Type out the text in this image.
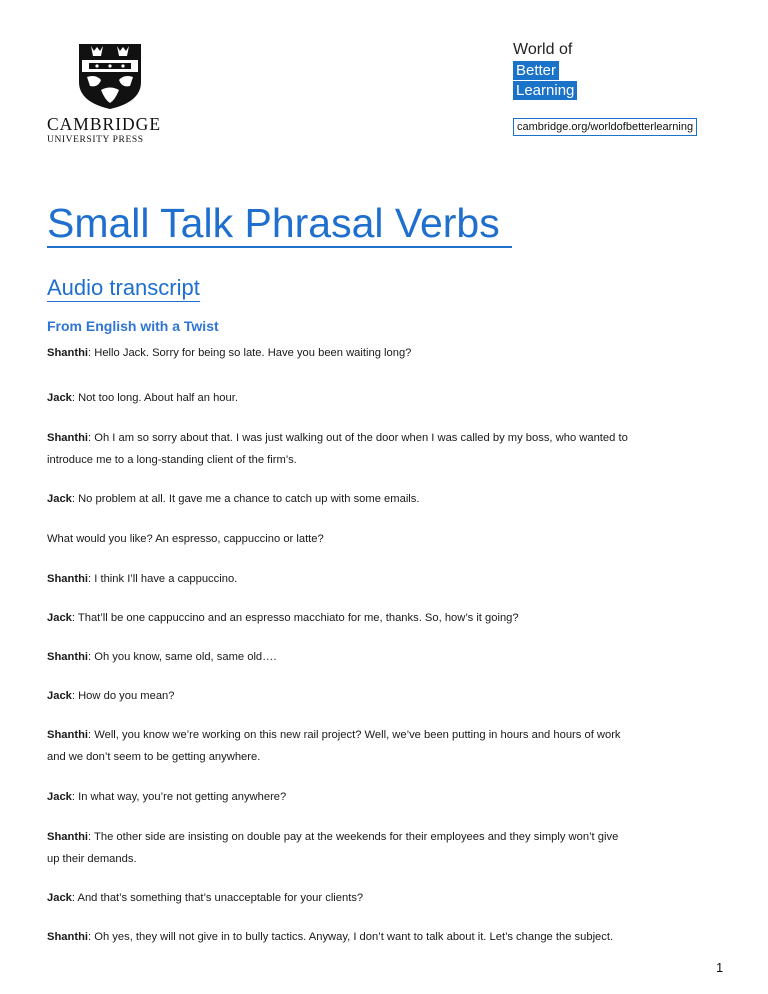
CAMBRIDGE
UNIVERSITY PRESS
World of
Better
Learning
cambridge.org/worldofbetterlearning
Small Talk Phrasal Verbs
Audio transcript
From English with a Twist
Shanthi: Hello Jack. Sorry for being so late. Have you been waiting long?
Jack: Not too long. About half an hour.
Shanthi: Oh I am so sorry about that. I was just walking out of the door when I was called by my boss, who wanted to
introduce me to a long-standing client of the firm’s.
Jack: No problem at all. It gave me a chance to catch up with some emails.
What would you like? An espresso, cappuccino or latte?
Shanthi: I think I’ll have a cappuccino.
Jack: That’ll be one cappuccino and an espresso macchiato for me, thanks. So, how’s it going?
Shanthi: Oh you know, same old, same old….
Jack: How do you mean?
Shanthi: Well, you know we’re working on this new rail project? Well, we’ve been putting in hours and hours of work
and we don’t seem to be getting anywhere.
Jack: In what way, you’re not getting anywhere?
Shanthi: The other side are insisting on double pay at the weekends for their employees and they simply won’t give
up their demands.
Jack: And that’s something that’s unacceptable for your clients?
Shanthi: Oh yes, they will not give in to bully tactics. Anyway, I don’t want to talk about it. Let’s change the subject.
1
